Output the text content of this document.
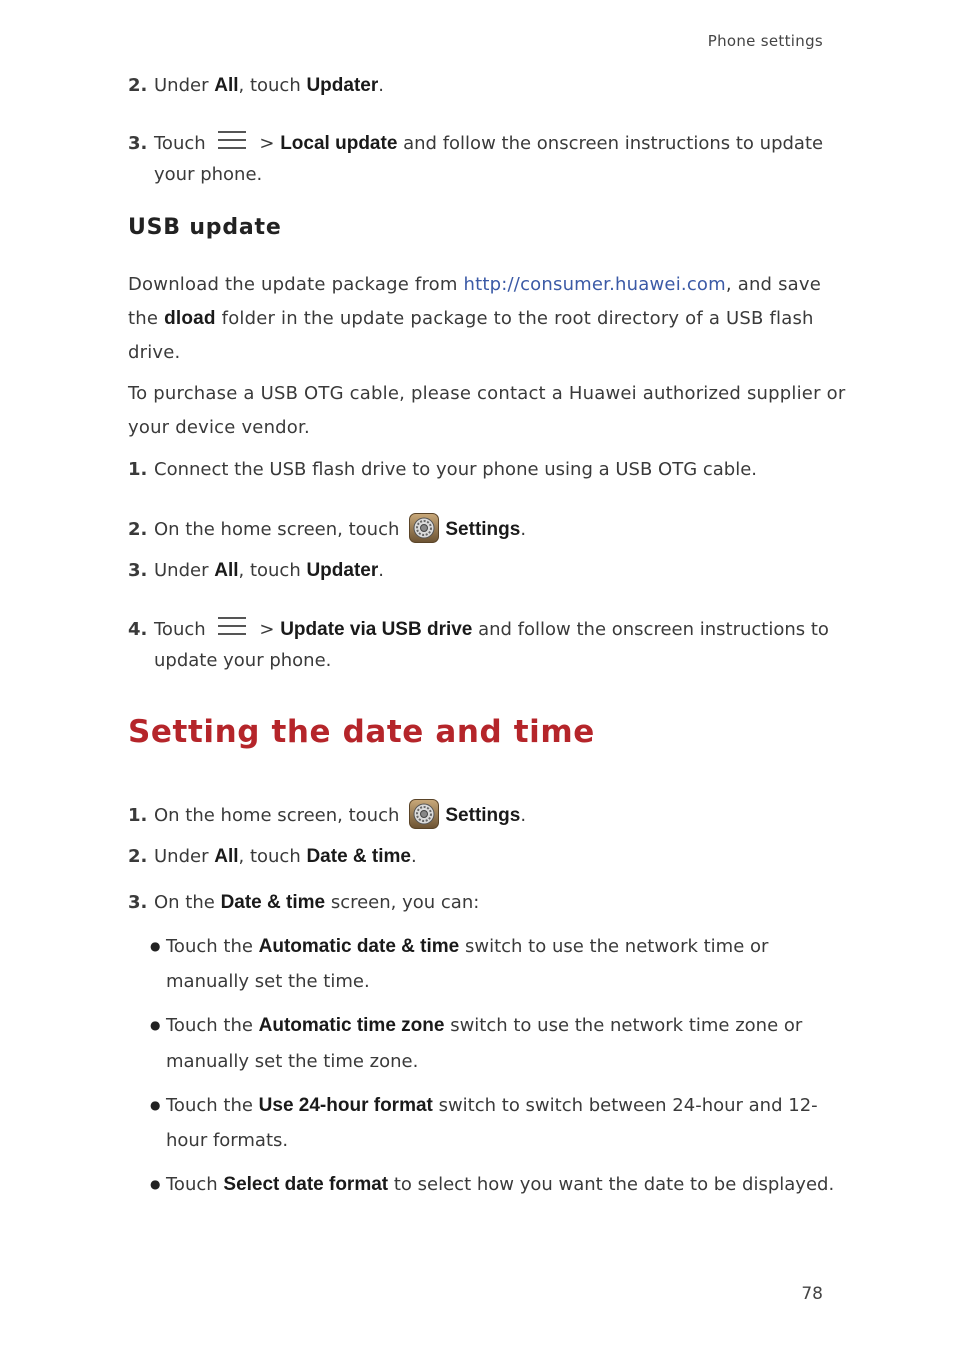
Phone settings
2. Under All, touch Updater.
3. Touch	> Local update and follow the onscreen instructions to update
your phone.
USB update
Download the update package from http://consumer.huawei.com, and save
the dload folder in the update package to the root directory of a USB flash
drive.
To purchase a USB OTG cable, please contact a Huawei authorized supplier or
your device vendor.
1. Connect the USB flash drive to your phone using a USB OTG cable.
2. On the home screen, touch Settings.
3. Under All, touch Updater.
4. Touch	> Update via USB drive and follow the onscreen instructions to
update your phone.
Setting the date and time
1. On the home screen, touch Settings.
2. Under All, touch Date & time.
3. On the Date & time screen, you can:
● Touch the Automatic date & time switch to use the network time or
manually set the time.
● Touch the Automatic time zone switch to use the network time zone or
manually set the time zone.
● Touch the Use 24-hour format switch to switch between 24-hour and 12-
hour formats.
● Touch Select date format to select how you want the date to be displayed.
78
